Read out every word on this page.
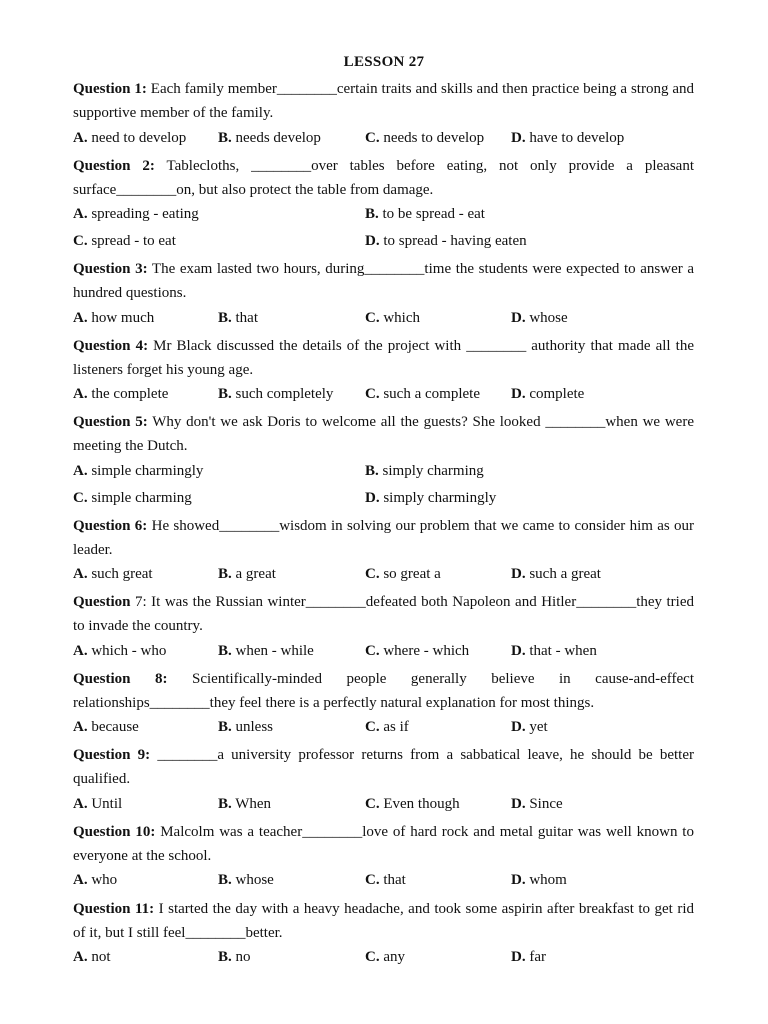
LESSON 27
Question 1: Each family member________certain traits and skills and then practice being a strong and supportive member of the family.
A. need to develop B. needs develop	C. needs to develop D. have to develop
Question 2: Tablecloths, ________over tables before eating, not only provide a pleasant surface________on, but also protect the table from damage.
A. spreading - eating	B. to be spread - eat
C. spread - to eat	D. to spread - having eaten
Question 3: The exam lasted two hours, during________time the students were expected to answer a hundred questions.
A. how much	B. that	C. which	D. whose
Question 4: Mr Black discussed the details of the project with ________ authority that made all the listeners forget his young age.
A. the complete	B. such completely C. such a complete D. complete
Question 5: Why don't we ask Doris to welcome all the guests? She looked ________when we were meeting the Dutch.
A. simple charmingly	B. simply charming
C. simple charming	D. simply charmingly
Question 6: He showed________wisdom in solving our problem that we came to consider him as our leader.
A. such great	B. a great	C. so great a	D. such a great
Question 7: It was the Russian winter________defeated both Napoleon and Hitler________they tried to invade the country.
A. which - who	B. when - while	C. where - which	D. that - when
Question 8: Scientifically-minded people generally believe in cause-and-effect relationships________they feel there is a perfectly natural explanation for most things.
A. because	B. unless	C. as if	D. yet
Question 9: ________a university professor returns from a sabbatical leave, he should be better qualified.
A. Until	B. When	C. Even though	D. Since
Question 10: Malcolm was a teacher________love of hard rock and metal guitar was well known to everyone at the school.
A. who	B. whose	C. that	D. whom
Question 11: I started the day with a heavy headache, and took some aspirin after breakfast to get rid of it, but I still feel________better.
A. not	B. no	C. any	D. far
